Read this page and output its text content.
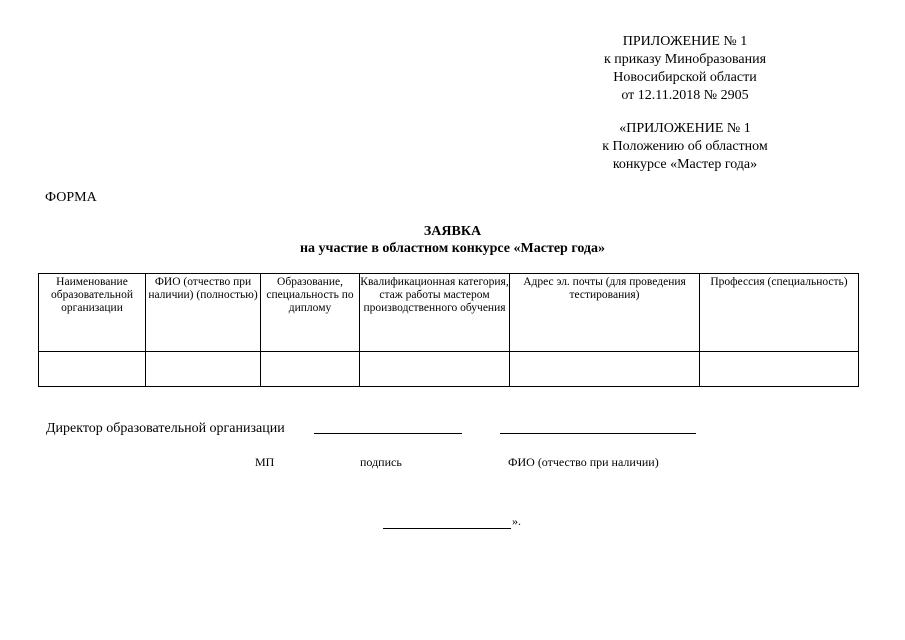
ПРИЛОЖЕНИЕ № 1
к приказу Минобразования
Новосибирской области
от 12.11.2018 № 2905
«ПРИЛОЖЕНИЕ № 1
к Положению об областном
конкурсе «Мастер года»
ФОРМА
ЗАЯВКА
на участие в областном конкурсе «Мастер года»
Наименование образовательной организации	ФИО (отчество при наличии) (полностью)	Образование, специальность по диплому	Квалификационная категория, стаж работы мастером производственного обучения	Адрес эл. почты (для проведения тестирования)	Профессия (специальность)

Директор образовательной организации
МП	подпись	ФИО (отчество при наличии)
».
